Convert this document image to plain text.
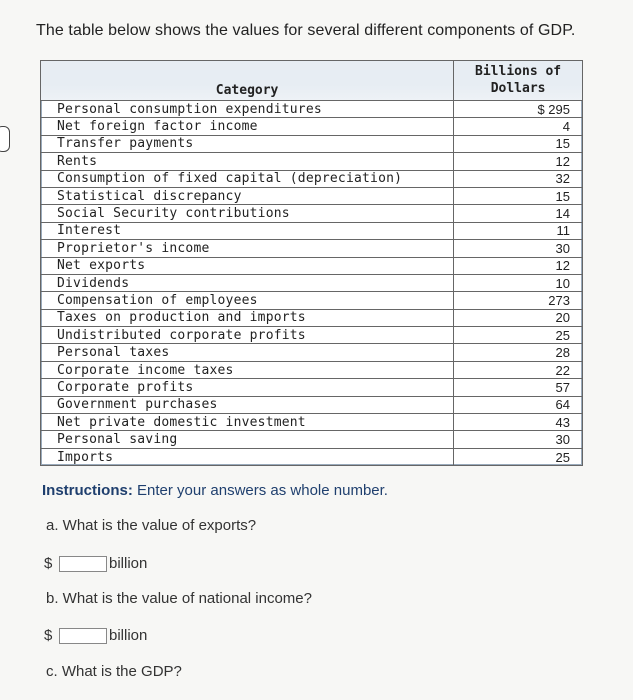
The table below shows the values for several different components of GDP.
Category	Billions of
Dollars
Personal consumption expenditures	$ 295
Net foreign factor income	4
Transfer payments	15
Rents	12
Consumption of fixed capital (depreciation)	32
Statistical discrepancy	15
Social Security contributions	14
Interest	11
Proprietor's income	30
Net exports	12
Dividends	10
Compensation of employees	273
Taxes on production and imports	20
Undistributed corporate profits	25
Personal taxes	28
Corporate income taxes	22
Corporate profits	57
Government purchases	64
Net private domestic investment	43
Personal saving	30
Imports	25
Instructions: Enter your answers as whole number.
a. What is the value of exports?
$	billion
b. What is the value of national income?
$	billion
c. What is the GDP?
